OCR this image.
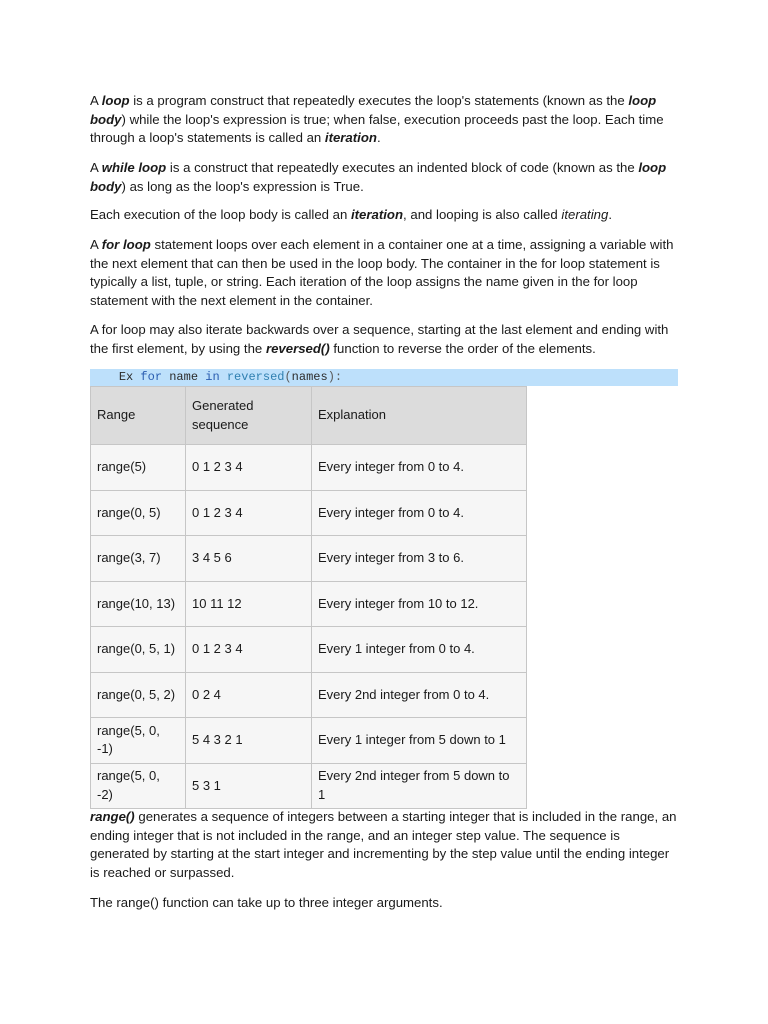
A loop is a program construct that repeatedly executes the loop's statements (known as the loop body) while the loop's expression is true; when false, execution proceeds past the loop. Each time through a loop's statements is called an iteration.

A while loop is a construct that repeatedly executes an indented block of code (known as the loop body) as long as the loop's expression is True.

Each execution of the loop body is called an iteration, and looping is also called iterating.

A for loop statement loops over each element in a container one at a time, assigning a variable with the next element that can then be used in the loop body. The container in the for loop statement is typically a list, tuple, or string. Each iteration of the loop assigns the name given in the for loop statement with the next element in the container.

A for loop may also iterate backwards over a sequence, starting at the last element and ending with the first element, by using the reversed() function to reverse the order of the elements.

Ex for name in reversed(names):
Range	Generated sequence	Explanation
range(5)	0 1 2 3 4	Every integer from 0 to 4.
range(0, 5)	0 1 2 3 4	Every integer from 0 to 4.
range(3, 7)	3 4 5 6	Every integer from 3 to 6.
range(10, 13)	10 11 12	Every integer from 10 to 12.
range(0, 5, 1)	0 1 2 3 4	Every 1 integer from 0 to 4.
range(0, 5, 2)	0 2 4	Every 2nd integer from 0 to 4.
range(5, 0, -1)	5 4 3 2 1	Every 1 integer from 5 down to 1
range(5, 0, -2)	5 3 1	Every 2nd integer from 5 down to 1

range() generates a sequence of integers between a starting integer that is included in the range, an ending integer that is not included in the range, and an integer step value. The sequence is generated by starting at the start integer and incrementing by the step value until the ending integer is reached or surpassed.

The range() function can take up to three integer arguments.
